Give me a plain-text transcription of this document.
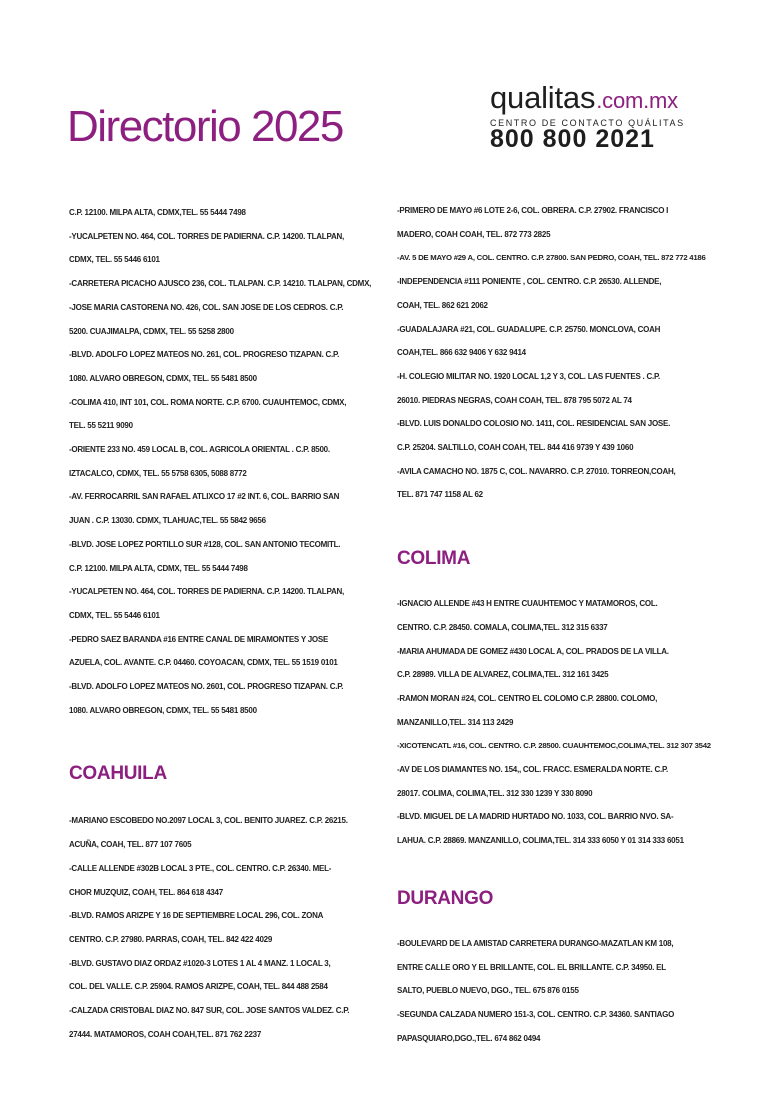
Directorio 2025
qualitas.com.mx
CENTRO DE CONTACTO QUÁLITAS
800 800 2021

C.P. 12100. MILPA ALTA, CDMX,TEL. 55 5444 7498

-YUCALPETEN NO. 464, COL. TORRES DE PADIERNA. C.P. 14200. TLALPAN,

CDMX, TEL. 55 5446 6101

-CARRETERA PICACHO AJUSCO 236, COL. TLALPAN. C.P. 14210. TLALPAN, CDMX,

-JOSE MARIA CASTORENA NO. 426, COL. SAN JOSE DE LOS CEDROS. C.P.

5200. CUAJIMALPA, CDMX, TEL. 55 5258 2800

-BLVD. ADOLFO LOPEZ MATEOS NO. 261, COL. PROGRESO TIZAPAN. C.P.

1080. ALVARO OBREGON, CDMX, TEL. 55 5481 8500

-COLIMA 410, INT 101, COL. ROMA NORTE. C.P. 6700. CUAUHTEMOC, CDMX,

TEL. 55 5211 9090

-ORIENTE 233 NO. 459 LOCAL B, COL. AGRICOLA ORIENTAL . C.P. 8500.

IZTACALCO, CDMX, TEL. 55 5758 6305, 5088 8772

-AV. FERROCARRIL SAN RAFAEL ATLIXCO 17 #2 INT. 6, COL. BARRIO SAN

JUAN . C.P. 13030. CDMX, TLAHUAC,TEL. 55 5842 9656

-BLVD. JOSE LOPEZ PORTILLO SUR #128, COL. SAN ANTONIO TECOMITL.

C.P. 12100. MILPA ALTA, CDMX, TEL. 55 5444 7498

-YUCALPETEN NO. 464, COL. TORRES DE PADIERNA. C.P. 14200. TLALPAN,

CDMX, TEL. 55 5446 6101

-PEDRO SAEZ BARANDA #16 ENTRE CANAL DE MIRAMONTES Y JOSE

AZUELA, COL. AVANTE. C.P. 04460. COYOACAN, CDMX, TEL. 55 1519 0101

-BLVD. ADOLFO LOPEZ MATEOS NO. 2601, COL. PROGRESO TIZAPAN. C.P.

1080. ALVARO OBREGON, CDMX, TEL. 55 5481 8500

COAHUILA

-MARIANO ESCOBEDO NO.2097 LOCAL 3, COL. BENITO JUAREZ. C.P. 26215.

ACUÑA, COAH, TEL. 877 107 7605

-CALLE ALLENDE #302B LOCAL 3 PTE., COL. CENTRO. C.P. 26340. MEL-

CHOR MUZQUIZ, COAH, TEL. 864 618 4347

-BLVD. RAMOS ARIZPE Y 16 DE SEPTIEMBRE LOCAL 296, COL. ZONA

CENTRO. C.P. 27980. PARRAS, COAH, TEL. 842 422 4029

-BLVD. GUSTAVO DIAZ ORDAZ #1020-3 LOTES 1 AL 4 MANZ. 1 LOCAL 3,

COL. DEL VALLE. C.P. 25904. RAMOS ARIZPE, COAH, TEL. 844 488 2584

-CALZADA CRISTOBAL DIAZ NO. 847 SUR, COL. JOSE SANTOS VALDEZ. C.P.

27444. MATAMOROS, COAH COAH,TEL. 871 762 2237

-PRIMERO DE MAYO #6 LOTE 2-6, COL. OBRERA. C.P. 27902. FRANCISCO I

MADERO, COAH COAH, TEL. 872 773 2825

-AV. 5 DE MAYO #29 A, COL. CENTRO. C.P. 27800. SAN PEDRO, COAH, TEL. 872 772 4186

-INDEPENDENCIA #111 PONIENTE , COL. CENTRO. C.P. 26530. ALLENDE,

COAH, TEL. 862 621 2062

-GUADALAJARA #21, COL. GUADALUPE. C.P. 25750. MONCLOVA, COAH

COAH,TEL. 866 632 9406 Y 632 9414

-H. COLEGIO MILITAR NO. 1920 LOCAL 1,2 Y 3, COL. LAS FUENTES . C.P.

26010. PIEDRAS NEGRAS, COAH COAH, TEL. 878 795 5072 AL 74

-BLVD. LUIS DONALDO COLOSIO NO. 1411, COL. RESIDENCIAL SAN JOSE.

C.P. 25204. SALTILLO, COAH COAH, TEL. 844 416 9739 Y 439 1060

-AVILA CAMACHO NO. 1875 C, COL. NAVARRO. C.P. 27010. TORREON,COAH,

TEL. 871 747 1158 AL 62

COLIMA

-IGNACIO ALLENDE #43 H ENTRE CUAUHTEMOC Y MATAMOROS, COL.

CENTRO. C.P. 28450. COMALA, COLIMA,TEL. 312 315 6337

-MARIA AHUMADA DE GOMEZ #430 LOCAL A, COL. PRADOS DE LA VILLA.

C.P. 28989. VILLA DE ALVAREZ, COLIMA,TEL. 312 161 3425

-RAMON MORAN #24, COL. CENTRO EL COLOMO C.P. 28800. COLOMO,

MANZANILLO,TEL. 314 113 2429

-XICOTENCATL #16, COL. CENTRO. C.P. 28500. CUAUHTEMOC,COLIMA,TEL. 312 307 3542

-AV DE LOS DIAMANTES NO. 154,, COL. FRACC. ESMERALDA NORTE. C.P.

28017. COLIMA, COLIMA,TEL. 312 330 1239 Y 330 8090

-BLVD. MIGUEL DE LA MADRID HURTADO NO. 1033, COL. BARRIO NVO. SA-

LAHUA. C.P. 28869. MANZANILLO, COLIMA,TEL. 314 333 6050 Y 01 314 333 6051

DURANGO

-BOULEVARD DE LA AMISTAD CARRETERA DURANGO-MAZATLAN KM 108,

ENTRE CALLE ORO Y EL BRILLANTE, COL. EL BRILLANTE. C.P. 34950. EL

SALTO, PUEBLO NUEVO, DGO., TEL. 675 876 0155

-SEGUNDA CALZADA NUMERO 151-3, COL. CENTRO. C.P. 34360. SANTIAGO

PAPASQUIARO,DGO.,TEL. 674 862 0494
